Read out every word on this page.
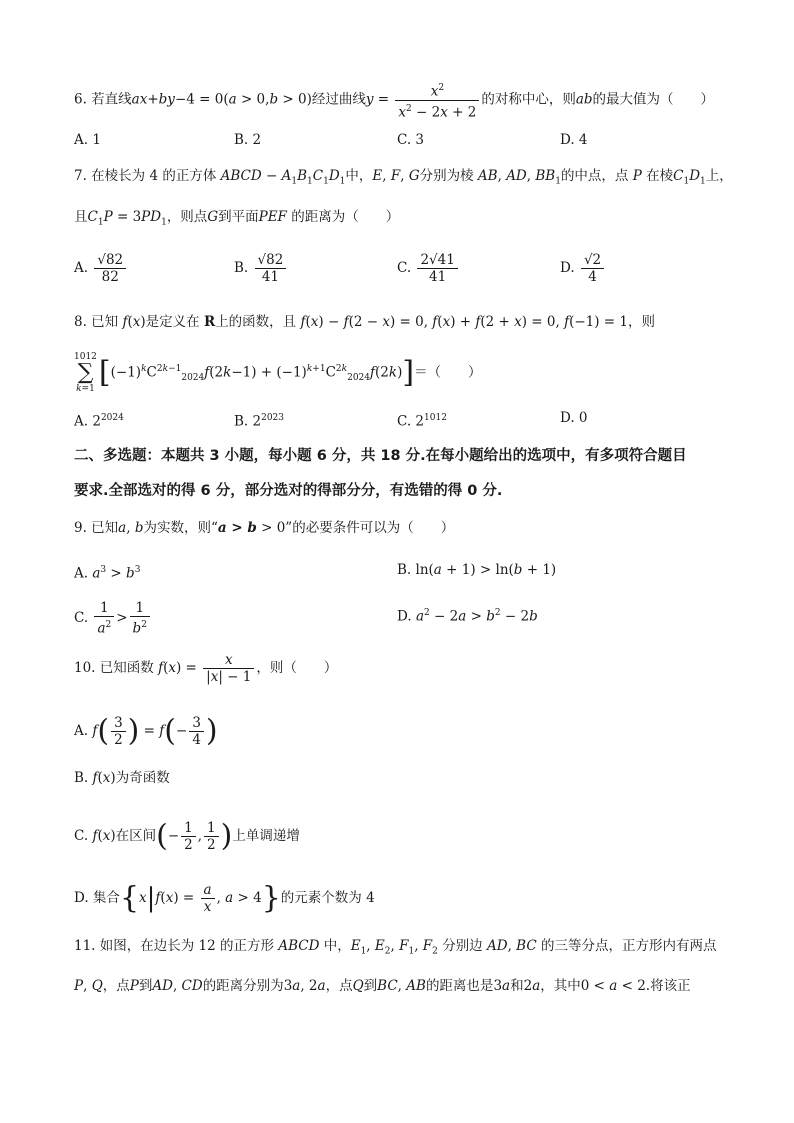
6. 若直线ax+by−4 = 0(a > 0,b > 0)经过曲线$y = \frac{x^2}{x^2 - 2x + 2}$ 的对称中心，则ab的最大值为（　　）
A. 1	B. 2	C. 3	D. 4
7. 在棱长为 4 的正方体 ABCD − $A_1B_1C_1D_1$中，E, F, G分别为棱 AB, AD, $BB_1$的中点，点 P 在棱$C_1D_1$上，
且$C_1P = 3PD_1$，则点G到平面PEF 的距离为（　　）
A. $\frac{√82}{82}$	B. $\frac{√82}{41}$	C. $\frac{2√41}{41}$	D. $\frac{√2}{4}$
8. 已知 f(x)是定义在 R上的函数，且 f(x) − f(2 − x) = 0, f(x) + f(2 + x) = 0, f(−1) = 1，则
1012
∑
k=1 $[(-1)^kC^{2k-1}_{2024}f(2k-1) + (-1)^{k+1}C^{2k}_{2024}f(2k)]=$（　　）
A. $2^{2024}$	B. $2^{2023}$	C. $2^{1012}$	D. 0
二、多选题：本题共 3 小题，每小题 6 分，共 18 分.在每小题给出的选项中，有多项符合题目
要求.全部选对的得 6 分，部分选对的得部分分，有选错的得 0 分.
9. 已知a, b为实数，则“a > b > 0”的必要条件可以为（　　）
A. $a^3 > b^3$	B. ln(a + 1) > ln(b + 1)
C. $\frac{1}{a^2} > \frac{1}{b^2}$	D. $a^2 - 2a > b^2 - 2b$
10. 已知函数 $f(x) = \frac{x}{|x| - 1}$ ，则（　　）
A. $f( \frac{3}{2}$ ) = $f(- \frac{3}{4}$ )
B. f(x)为奇函数
C. f(x)在区间(− $\frac{1}{2}$ , $\frac{1}{2}$ )上单调递增
D. 集合{$x|f(x) = \frac{a}{x}$ , a > 4}的元素个数为 4
11. 如图，在边长为 12 的正方形 ABCD 中，$E_1$, $E_2$, $F_1$, $F_2$ 分别边 AD, BC 的三等分点，正方形内有两点
P, Q，点P到AD, CD的距离分别为3a, 2a，点Q到BC, AB的距离也是3a和2a，其中0 < a < 2.将该正
